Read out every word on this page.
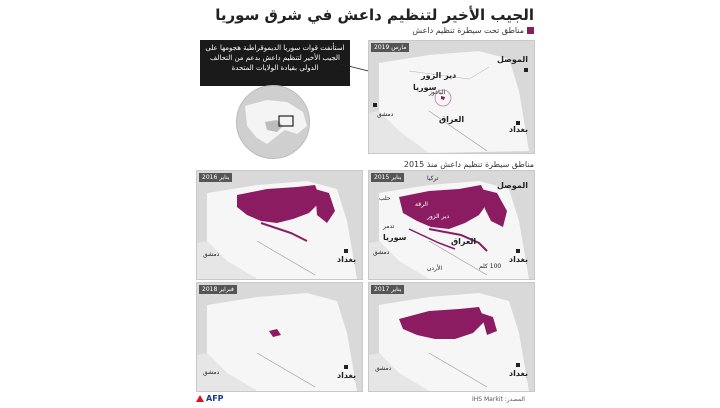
الجيب الأخير لتنظيم داعش في شرق سوريا
مناطق تحت سيطرة تنظيم داعش
استأنفت قوات سوريا الديموقراطية هجومها على الجيب الأخير لتنظيم داعش بدعم من التحالف الدولي بقيادة الولايات المتحدة
مارس 2019
الموصل
دير الزور
سوريا
الباغوز
العراق
دمشق
بغداد
مناطق سيطرة تنظيم داعش منذ 2015
يناير 2015	تركيا
الموصل
حلب
الرقة
دير الزور
تدمر
سوريا	العراق
دمشق
الأردن	100 كلم
بغداد
يناير 2016
دمشق
بغداد
يناير 2017
دمشق
بغداد
فبراير 2018
دمشق	بغداد
AFP	المصدر: IHS Markit
